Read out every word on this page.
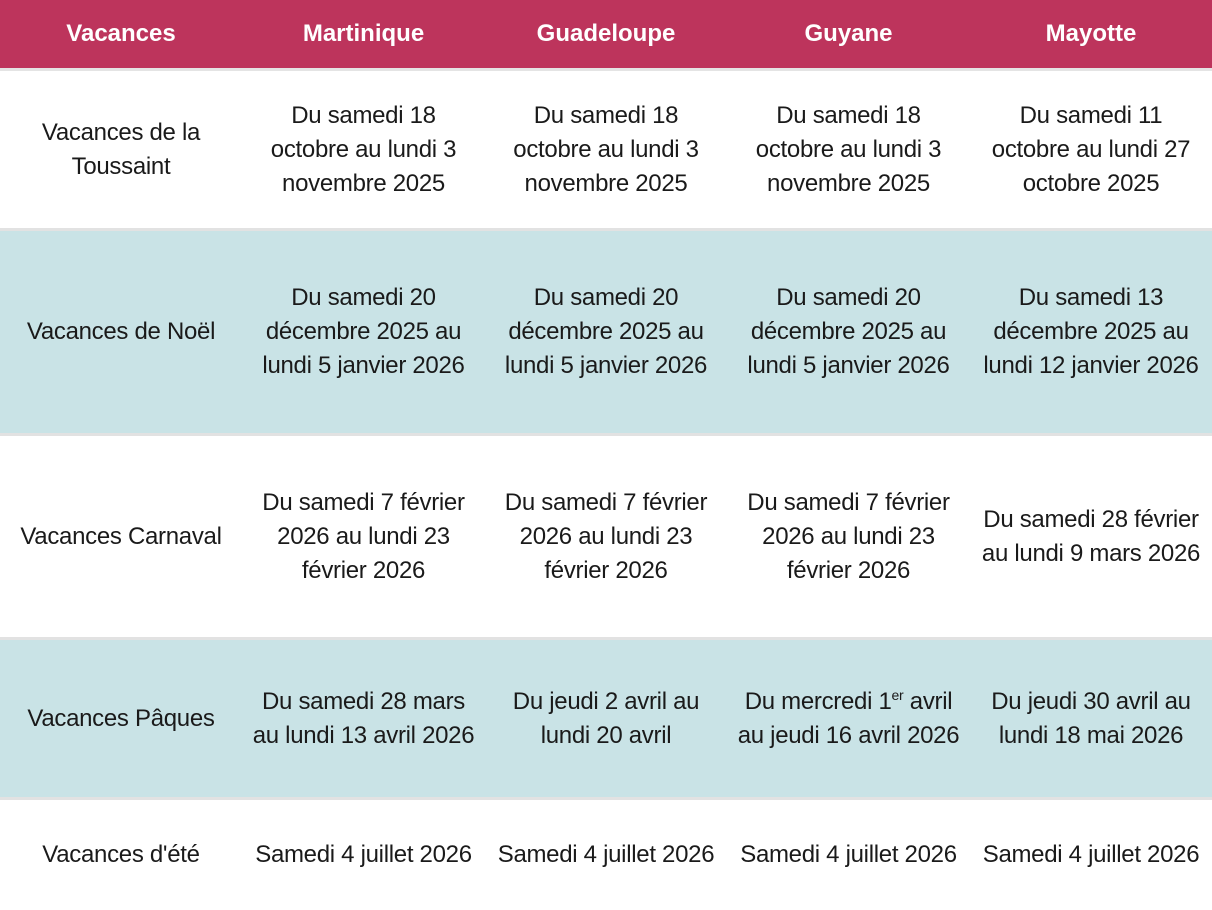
Vacances	Martinique	Guadeloupe	Guyane	Mayotte
Vacances de la Toussaint	Du samedi 18 octobre au lundi 3 novembre 2025	Du samedi 18 octobre au lundi 3 novembre 2025	Du samedi 18 octobre au lundi 3 novembre 2025	Du samedi 11 octobre au lundi 27 octobre 2025
Vacances de Noël	Du samedi 20 décembre 2025 au lundi 5 janvier 2026	Du samedi 20 décembre 2025 au lundi 5 janvier 2026	Du samedi 20 décembre 2025 au lundi 5 janvier 2026	Du samedi 13 décembre 2025 au lundi 12 janvier 2026
Vacances Carnaval	Du samedi 7 février 2026 au lundi 23 février 2026	Du samedi 7 février 2026 au lundi 23 février 2026	Du samedi 7 février 2026 au lundi 23 février 2026	Du samedi 28 février au lundi 9 mars 2026
Vacances Pâques	Du samedi 28 mars au lundi 13 avril 2026	Du jeudi 2 avril au lundi 20 avril	Du mercredi 1er avril au jeudi 16 avril 2026	Du jeudi 30 avril au lundi 18 mai 2026
Vacances d'été	Samedi 4 juillet 2026	Samedi 4 juillet 2026	Samedi 4 juillet 2026	Samedi 4 juillet 2026
